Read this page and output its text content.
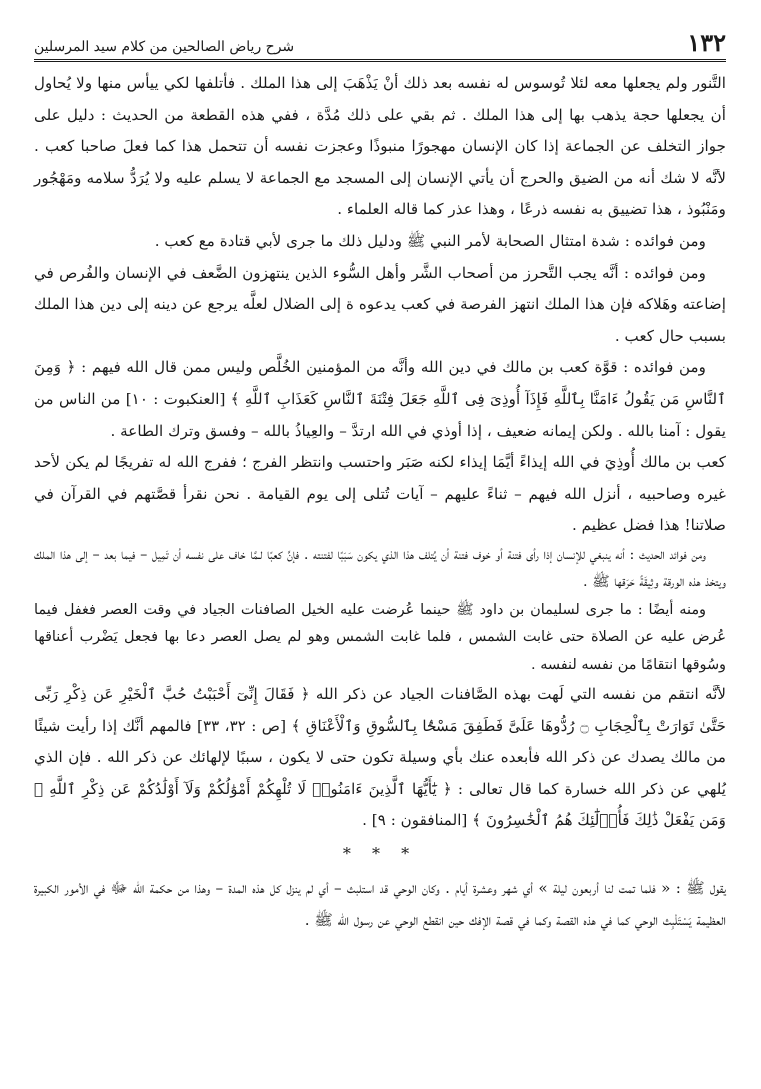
١٣٢
شرح رياض الصالحين من كلام سيد المرسلين

التَّنور ولم يجعلها معه لئلا تُوسوس له نفسه بعد ذلك أنْ يَذْهَبَ إلى هذا الملك . فأتلفها لكي ييأس منها ولا يُحاول أن يجعلها حجة يذهب بها إلى هذا الملك . ثم بقي على ذلك مُدَّة ، ففي هذه القطعة من الحديث : دليل على جواز التخلف عن الجماعة إذا كان الإنسان مهجورًا منبوذًا وعجزت نفسه أن تتحمل هذا كما فعلَ صاحبا كعب . لأنَّه لا شك أنه من الضيق والحرج أن يأتي الإنسان إلى المسجد مع الجماعة لا يسلم عليه ولا يُرَدُّ سلامه ومَهْجُور ومَنْبُوذ ، هذا تضييق به نفسه ذرعًا ، وهذا عذر كما قاله العلماء .

ومن فوائده : شدة امتثال الصحابة لأمر النبي ﷺ ودليل ذلك ما جرى لأبي قتادة مع كعب .

ومن فوائده : أنَّه يجب التَّحرز من أصحاب الشَّر وأهل السُّوء الذين ينتهزون الضَّعف في الإنسان والفُرص في إضاعته وهَلاكه فإن هذا الملك انتهز الفرصة في كعب يدعوه ة إلى الضلال لعلَّه يرجع عن دينه إلى دين هذا الملك بسبب حال كعب .

ومن فوائده : قوَّة كعب بن مالك في دين الله وأنَّه من المؤمنين الخُلَّص وليس ممن قال الله فيهم : ﴿ وَمِنَ ٱلنَّاسِ مَن يَقُولُ ءَامَنَّا بِٱللَّهِ فَإِذَآ أُوذِىَ فِى ٱللَّهِ جَعَلَ فِتْنَةَ ٱلنَّاسِ كَعَذَابِ ٱللَّهِ ﴾ [العنكبوت : ١٠] من الناس من يقول : آمنا بالله . ولكن إيمانه ضعيف ، إذا أوذي في الله ارتدَّ – والعِياذُ بالله – وفسق وترك الطاعة .

كعب بن مالك أُوذِيَ في الله إيذاءً أيَّمَا إيذاء لكنه صَبَر واحتسب وانتظر الفرج ؛ ففرج الله له تفريجًا لم يكن لأحد غيره وصاحبيه ، أنزل الله فيهم – ثناءً عليهم – آيات تُتلى إلى يوم القيامة . نحن نقرأ قصَّتهم في القرآن في صلاتنا! هذا فضل عظيم .

ومن فوائد الحديث : أنه ينبغي للإنسان إذا رأى فتنة أو خوف فتنة أن يُتلف هذا الذي يكون سَبَبًا لفتنته . فإنَّ كعبًا لـمَّا خاف على نفسه أن تَمِيل – فيما بعد – إلى هذا الملك ويتخذ هذه الورقة وثِيقَةً حَرَقها ﷺ .

ومنه أيضًا : ما جرى لسليمان بن داود ﷺ حينما عُرضت عليه الخيل الصافنات الجياد في وقت العصر فغفل فيما عُرض عليه عن الصلاة حتى غابت الشمس ، فلما غابت الشمس وهو لم يصل العصر دعا بها فجعل يَضْرب أعناقها وسُوقها انتقامًا من نفسه لنفسه .

لأنَّه انتقم من نفسه التي لَهت بهذه الصَّافنات الجياد عن ذكر الله ﴿ فَقَالَ إِنِّىٓ أَحْبَبْتُ حُبَّ ٱلْخَيْرِ عَن ذِكْرِ رَبِّى حَتَّىٰ تَوَارَتْ بِٱلْحِجَابِ ۝ رُدُّوهَا عَلَىَّ فَطَفِقَ مَسْحًۢا بِٱلسُّوقِ وَٱلْأَعْنَاقِ ﴾ [ص : ٣٢، ٣٣] فالمهم أنَّك إذا رأيت شيئًا من مالك يصدك عن ذكر الله فأبعده عنك بأي وسيلة تكون حتى لا يكون ، سببًا لإلهائك عن ذكر الله . فإن الذي يُلهي عن ذكر الله خسارة كما قال تعالى : ﴿ يَٰٓأَيُّهَا ٱلَّذِينَ ءَامَنُوا۟ لَا تُلْهِكُمْ أَمْوَٰلُكُمْ وَلَآ أَوْلَٰدُكُمْ عَن ذِكْرِ ٱللَّهِ ۚ وَمَن يَفْعَلْ ذَٰلِكَ فَأُو۟لَٰٓئِكَ هُمُ ٱلْخَٰسِرُونَ ﴾ [المنافقون : ٩] .

* * *

يقول ﷺ : « فلما تمت لنا أربعون ليلة » أي شهر وعشرة أيام . وكان الوحي قد استلبث – أي لم ينزل كل هذه المدة – وهذا من حكمة الله ﷻ في الأمور الكبيرة العظيمة يَسْتَلْبِث الوحي كما في هذه القصة وكما في قصة الإفك حين انقطع الوحي عن رسول الله ﷺ .
